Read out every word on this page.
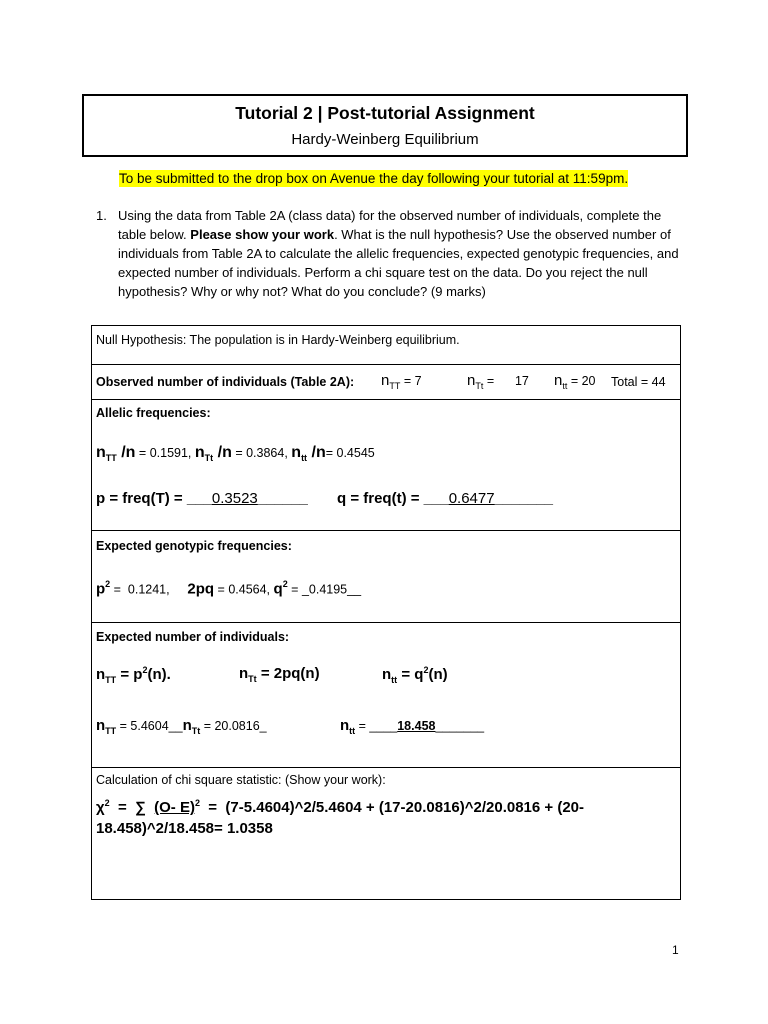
Tutorial 2 | Post-tutorial Assignment
Hardy-Weinberg Equilibrium
To be submitted to the drop box on Avenue the day following your tutorial at 11:59pm.
1. Using the data from Table 2A (class data) for the observed number of individuals, complete the table below. Please show your work. What is the null hypothesis? Use the observed number of individuals from Table 2A to calculate the allelic frequencies, expected genotypic frequencies, and expected number of individuals. Perform a chi square test on the data. Do you reject the null hypothesis? Why or why not? What do you conclude? (9 marks)
Null Hypothesis: The population is in Hardy-Weinberg equilibrium.
Observed number of individuals (Table 2A): $n_{TT} = 7$	$n_{Tt}$ =      17 $n_{tt} = 20$ Total = 44
Allelic frequencies:
$n_{TT}$ /n = 0.1591, $n_{Tt}$ /n = 0.3864, $n_{tt}$ /n= 0.4545
p = freq(T) = ___0.3523______ q = freq(t) = ___0.6477_______
Expected genotypic frequencies:
$p^2 = 0.1241$, 2pq = 0.4564, $q^2$ = _0.4195__
Expected number of individuals:
$n_{TT} = p^2(n)$.	$n_{Tt} = 2pq(n)$	$n_{tt} = q^2(n)$
$n_{TT}$ = $5.4604\_\_n_{Tt}$ = 20.0816_	$n_{tt}$ = ____18.458_______
Calculation of chi square statistic: (Show your work):
$\chi^2$  =  ∑  (O- E)$^2$  =  (7-5.4604)^2/5.4604 + (17-20.0816)^2/20.0816 + (20-
18.458)^2/18.458= 1.0358
1
